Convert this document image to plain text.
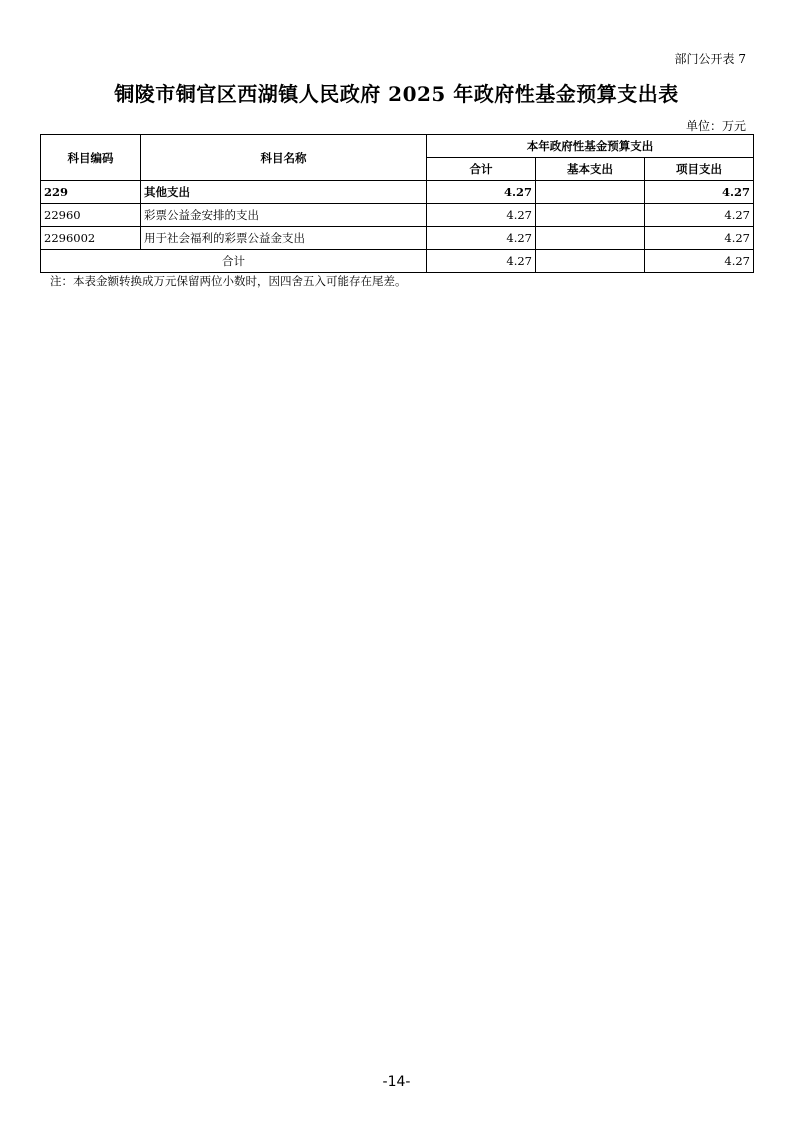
部门公开表 7
铜陵市铜官区西湖镇人民政府 2025 年政府性基金预算支出表
单位：万元
科目编码	科目名称	本年政府性基金预算支出		
		合计	基本支出	项目支出
229	其他支出	4.27		4.27
22960	彩票公益金安排的支出	4.27		4.27
2296002	用于社会福利的彩票公益金支出	4.27		4.27
合计		4.27		4.27
注：本表金额转换成万元保留两位小数时，因四舍五入可能存在尾差。
-14-
